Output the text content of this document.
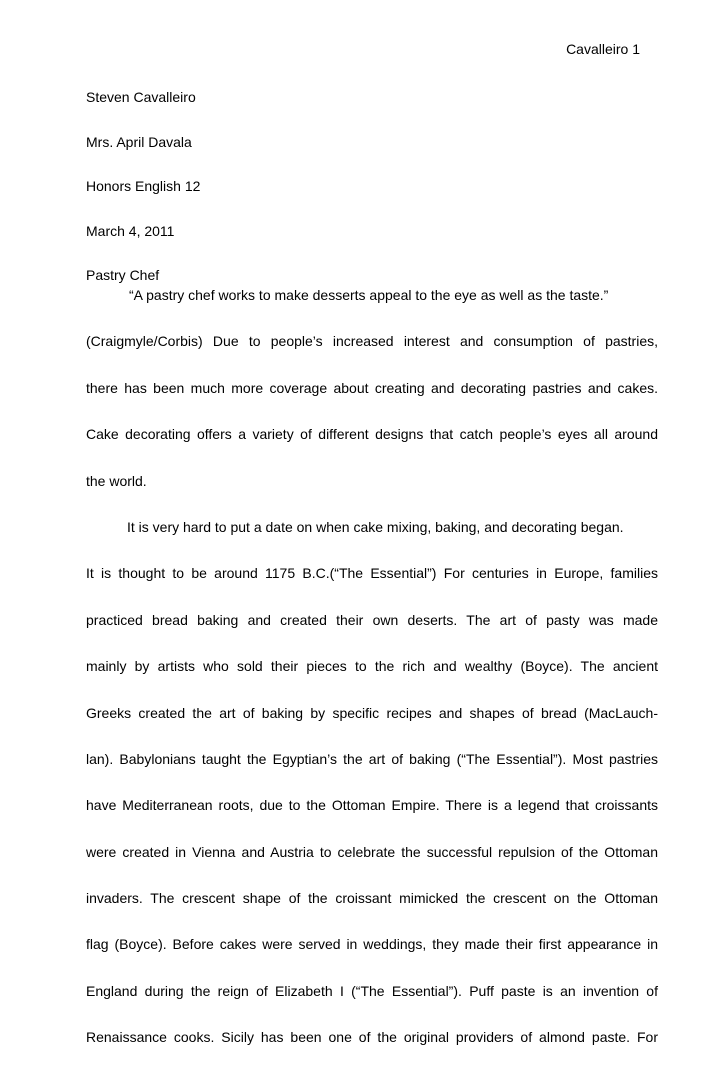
Cavalleiro 1
Steven Cavalleiro
Mrs. April Davala
Honors English 12
March 4, 2011
Pastry Chef
“A pastry chef works to make desserts appeal to the eye as well as the taste.”
(Craigmyle/Corbis) Due to people’s increased interest and consumption of pastries,
there has been much more coverage about creating and decorating pastries and cakes.
Cake decorating offers a variety of different designs that catch people’s eyes all around
the world.
It is very hard to put a date on when cake mixing, baking, and decorating began.
It is thought to be around 1175 B.C.(“The Essential”) For centuries in Europe, families
practiced bread baking and created their own deserts. The art of pasty was made
mainly by artists who sold their pieces to the rich and wealthy (Boyce). The ancient
Greeks created the art of baking by specific recipes and shapes of bread (MacLauch-
lan). Babylonians taught the Egyptian’s the art of baking (“The Essential”). Most pastries
have Mediterranean roots, due to the Ottoman Empire. There is a legend that croissants
were created in Vienna and Austria to celebrate the successful repulsion of the Ottoman
invaders. The crescent shape of the croissant mimicked the crescent on the Ottoman
flag (Boyce). Before cakes were served in weddings, they made their first appearance in
England during the reign of Elizabeth I (“The Essential”). Puff paste is an invention of
Renaissance cooks. Sicily has been one of the original providers of almond paste. For
